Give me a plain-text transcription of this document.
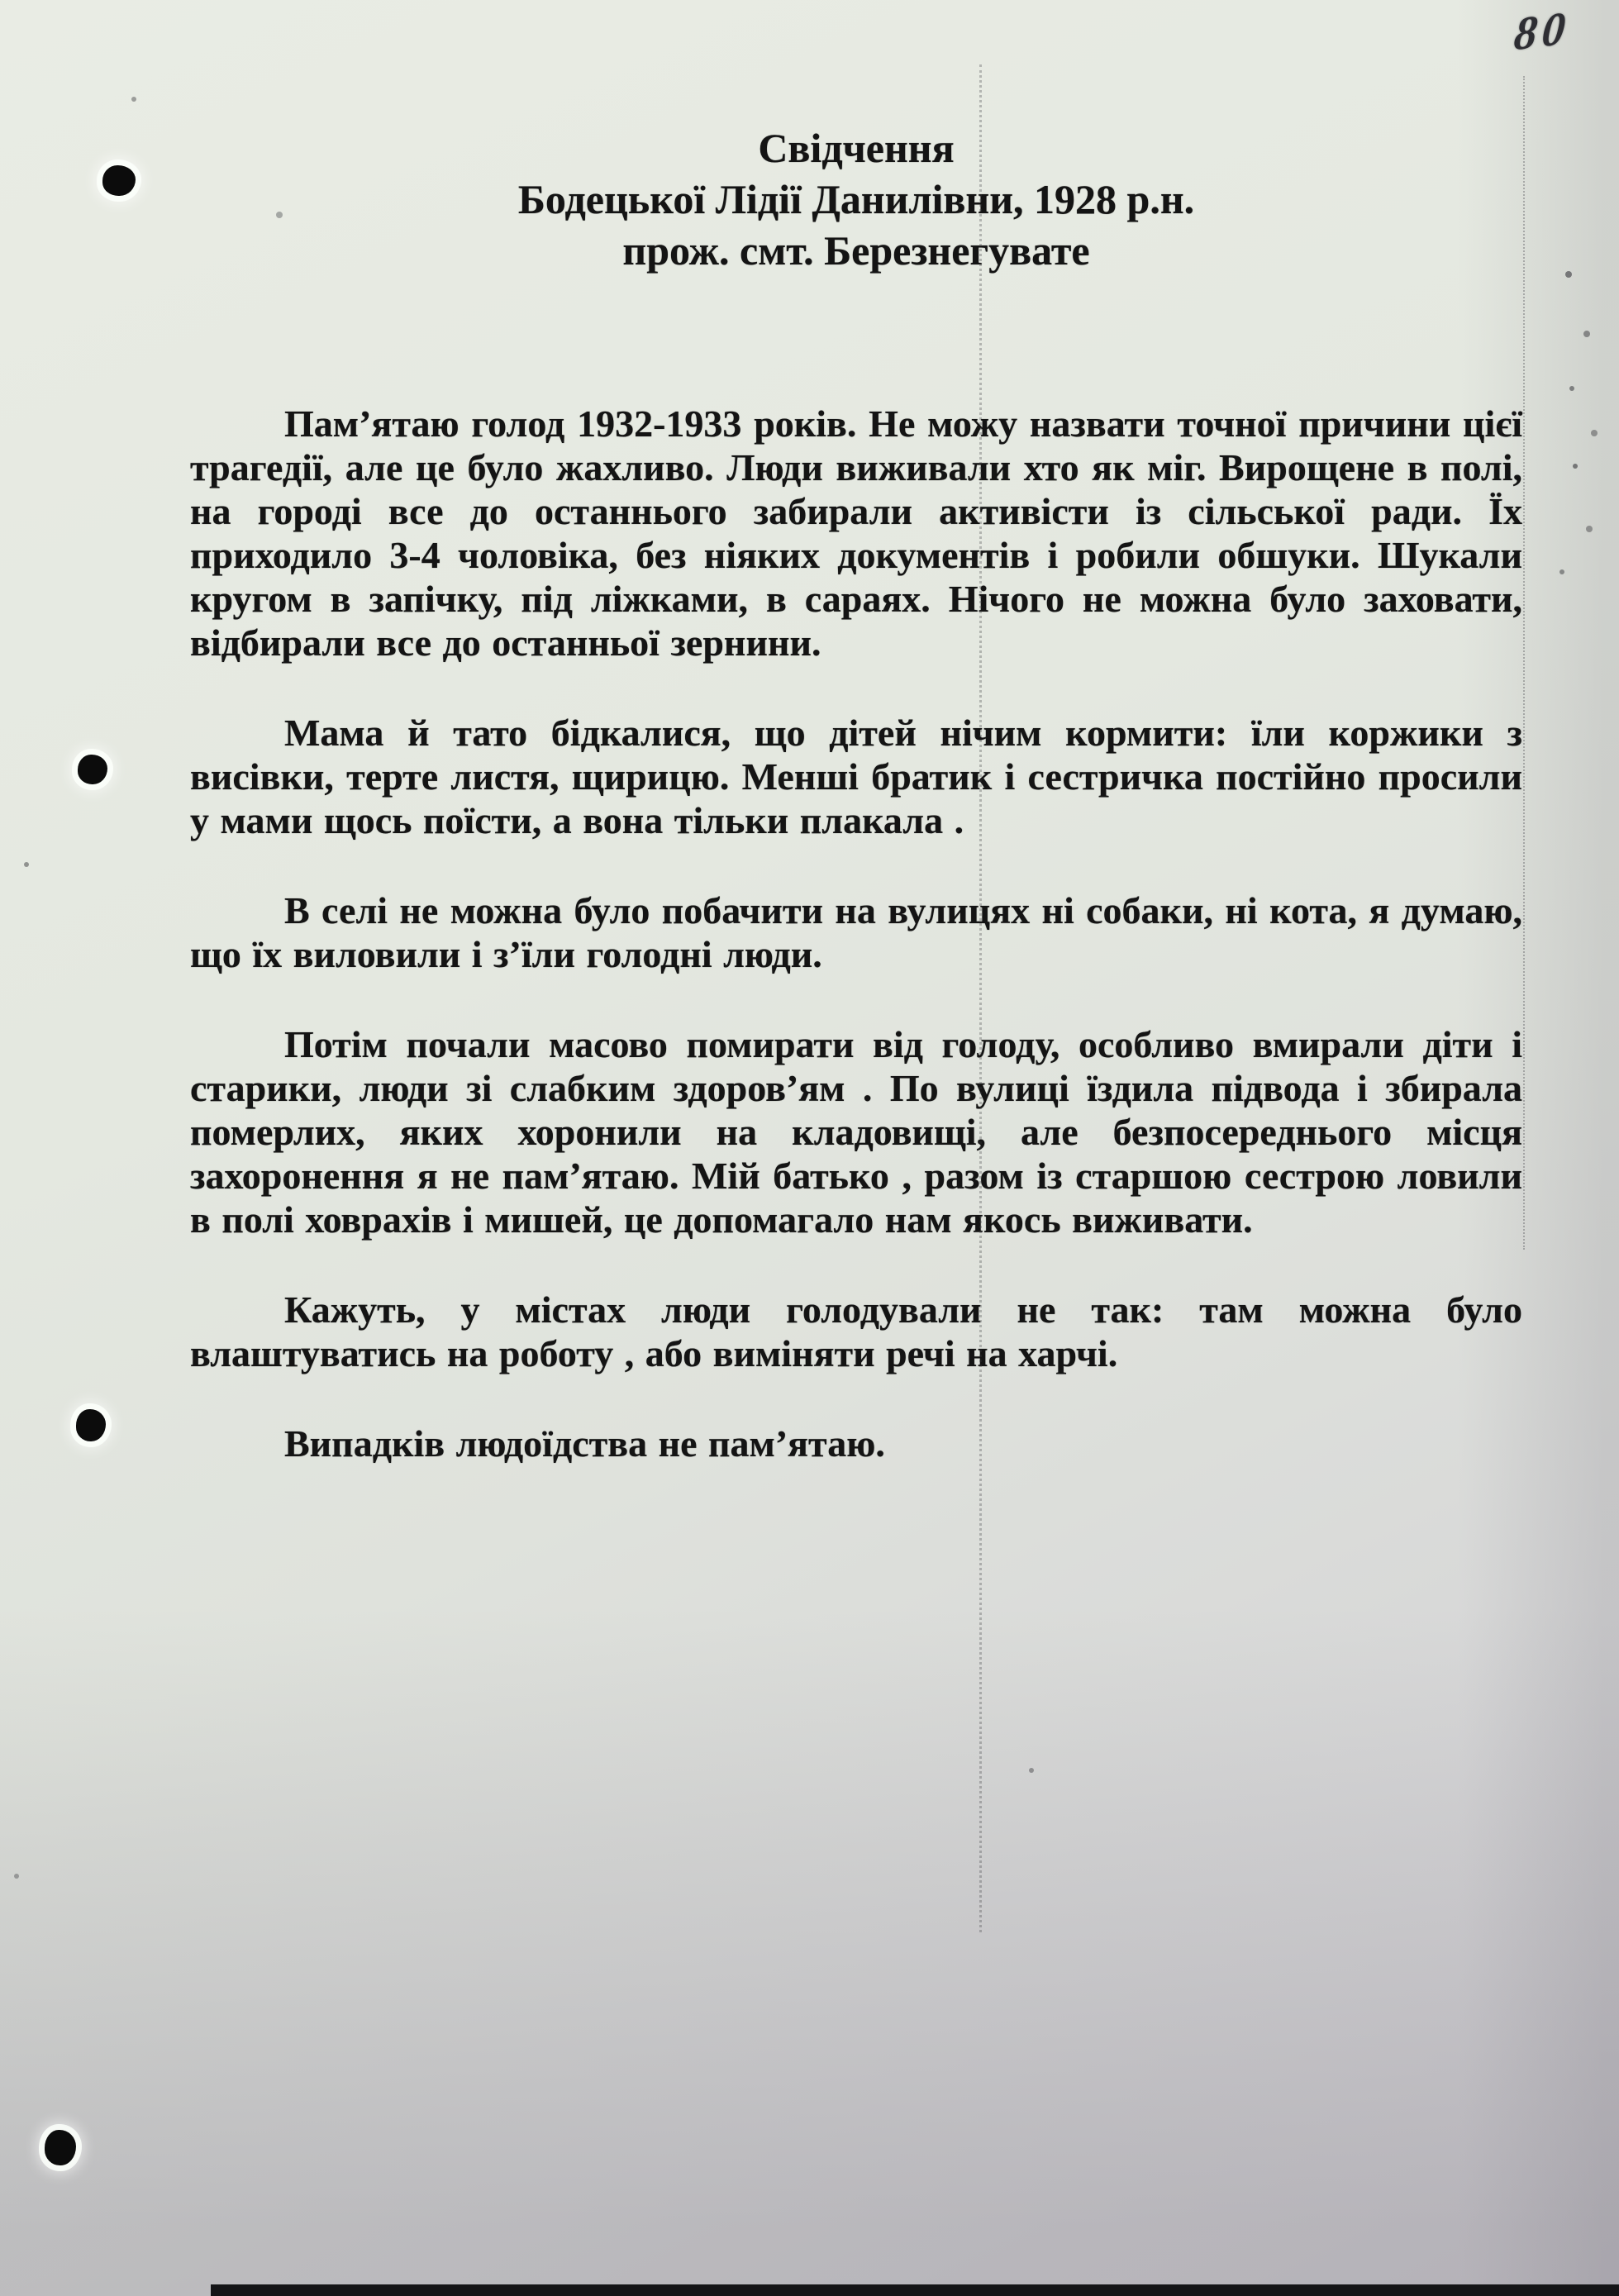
80
Свідчення
Бодецької Лідії Данилівни, 1928 р.н.
прож. смт. Березнегувате

Пам’ятаю голод 1932-1933 років. Не можу назвати точної причини цієї трагедії, але це було жахливо. Люди виживали хто як міг. Вирощене в полі, на городі все до останнього забирали активісти із сільської ради. Їх приходило 3-4 чоловіка, без ніяких документів і робили обшуки. Шукали кругом в запічку, під ліжками, в сараях. Нічого не можна було заховати, відбирали все до останньої зернини.

Мама й тато бідкалися, що дітей нічим кормити: їли коржики з висівки, терте листя, щирицю. Менші братик і сестричка постійно просили у мами щось поїсти, а вона тільки плакала .

В селі не можна було побачити на вулицях ні собаки, ні кота, я думаю, що їх виловили і з’їли голодні люди.

Потім почали масово помирати від голоду, особливо вмирали діти і старики, люди зі слабким здоров’ям . По вулиці їздила підвода і збирала померлих, яких хоронили на кладовищі, але безпосереднього місця захоронення я не пам’ятаю. Мій батько , разом із старшою сестрою ловили в полі ховрахів і мишей, це допомагало нам якось виживати.

Кажуть, у містах люди голодували не так: там можна було влаштуватись на роботу , або виміняти речі на харчі.

Випадків людоїдства не пам’ятаю.
